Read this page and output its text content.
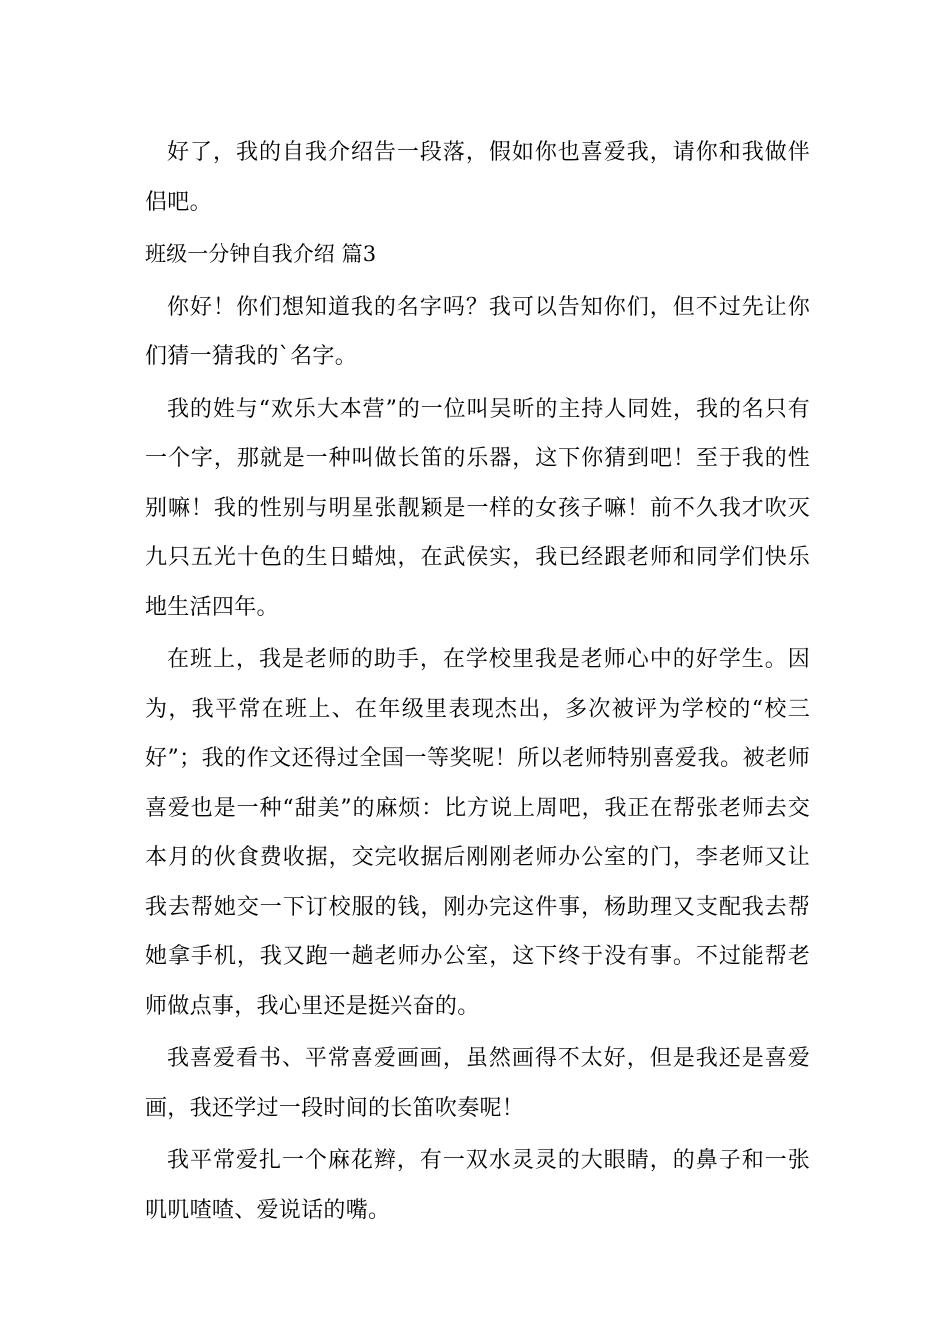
好了，我的自我介绍告一段落，假如你也喜爱我，请你和我做伴侣吧。

班级一分钟自我介绍 篇3

你好！你们想知道我的名字吗？我可以告知你们，但不过先让你们猜一猜我的`名字。

我的姓与“欢乐大本营”的一位叫吴昕的主持人同姓，我的名只有一个字，那就是一种叫做长笛的乐器，这下你猜到吧！至于我的性别嘛！我的性别与明星张靓颖是一样的女孩子嘛！前不久我才吹灭九只五光十色的生日蜡烛，在武侯实，我已经跟老师和同学们快乐地生活四年。

在班上，我是老师的助手，在学校里我是老师心中的好学生。因为，我平常在班上、在年级里表现杰出，多次被评为学校的“校三好”；我的作文还得过全国一等奖呢！所以老师特别喜爱我。被老师喜爱也是一种“甜美”的麻烦：比方说上周吧，我正在帮张老师去交本月的伙食费收据，交完收据后刚刚老师办公室的门，李老师又让我去帮她交一下订校服的钱，刚办完这件事，杨助理又支配我去帮她拿手机，我又跑一趟老师办公室，这下终于没有事。不过能帮老师做点事，我心里还是挺兴奋的。

我喜爱看书、平常喜爱画画，虽然画得不太好，但是我还是喜爱画，我还学过一段时间的长笛吹奏呢！

我平常爱扎一个麻花辫，有一双水灵灵的大眼睛，的鼻子和一张叽叽喳喳、爱说话的嘴。
